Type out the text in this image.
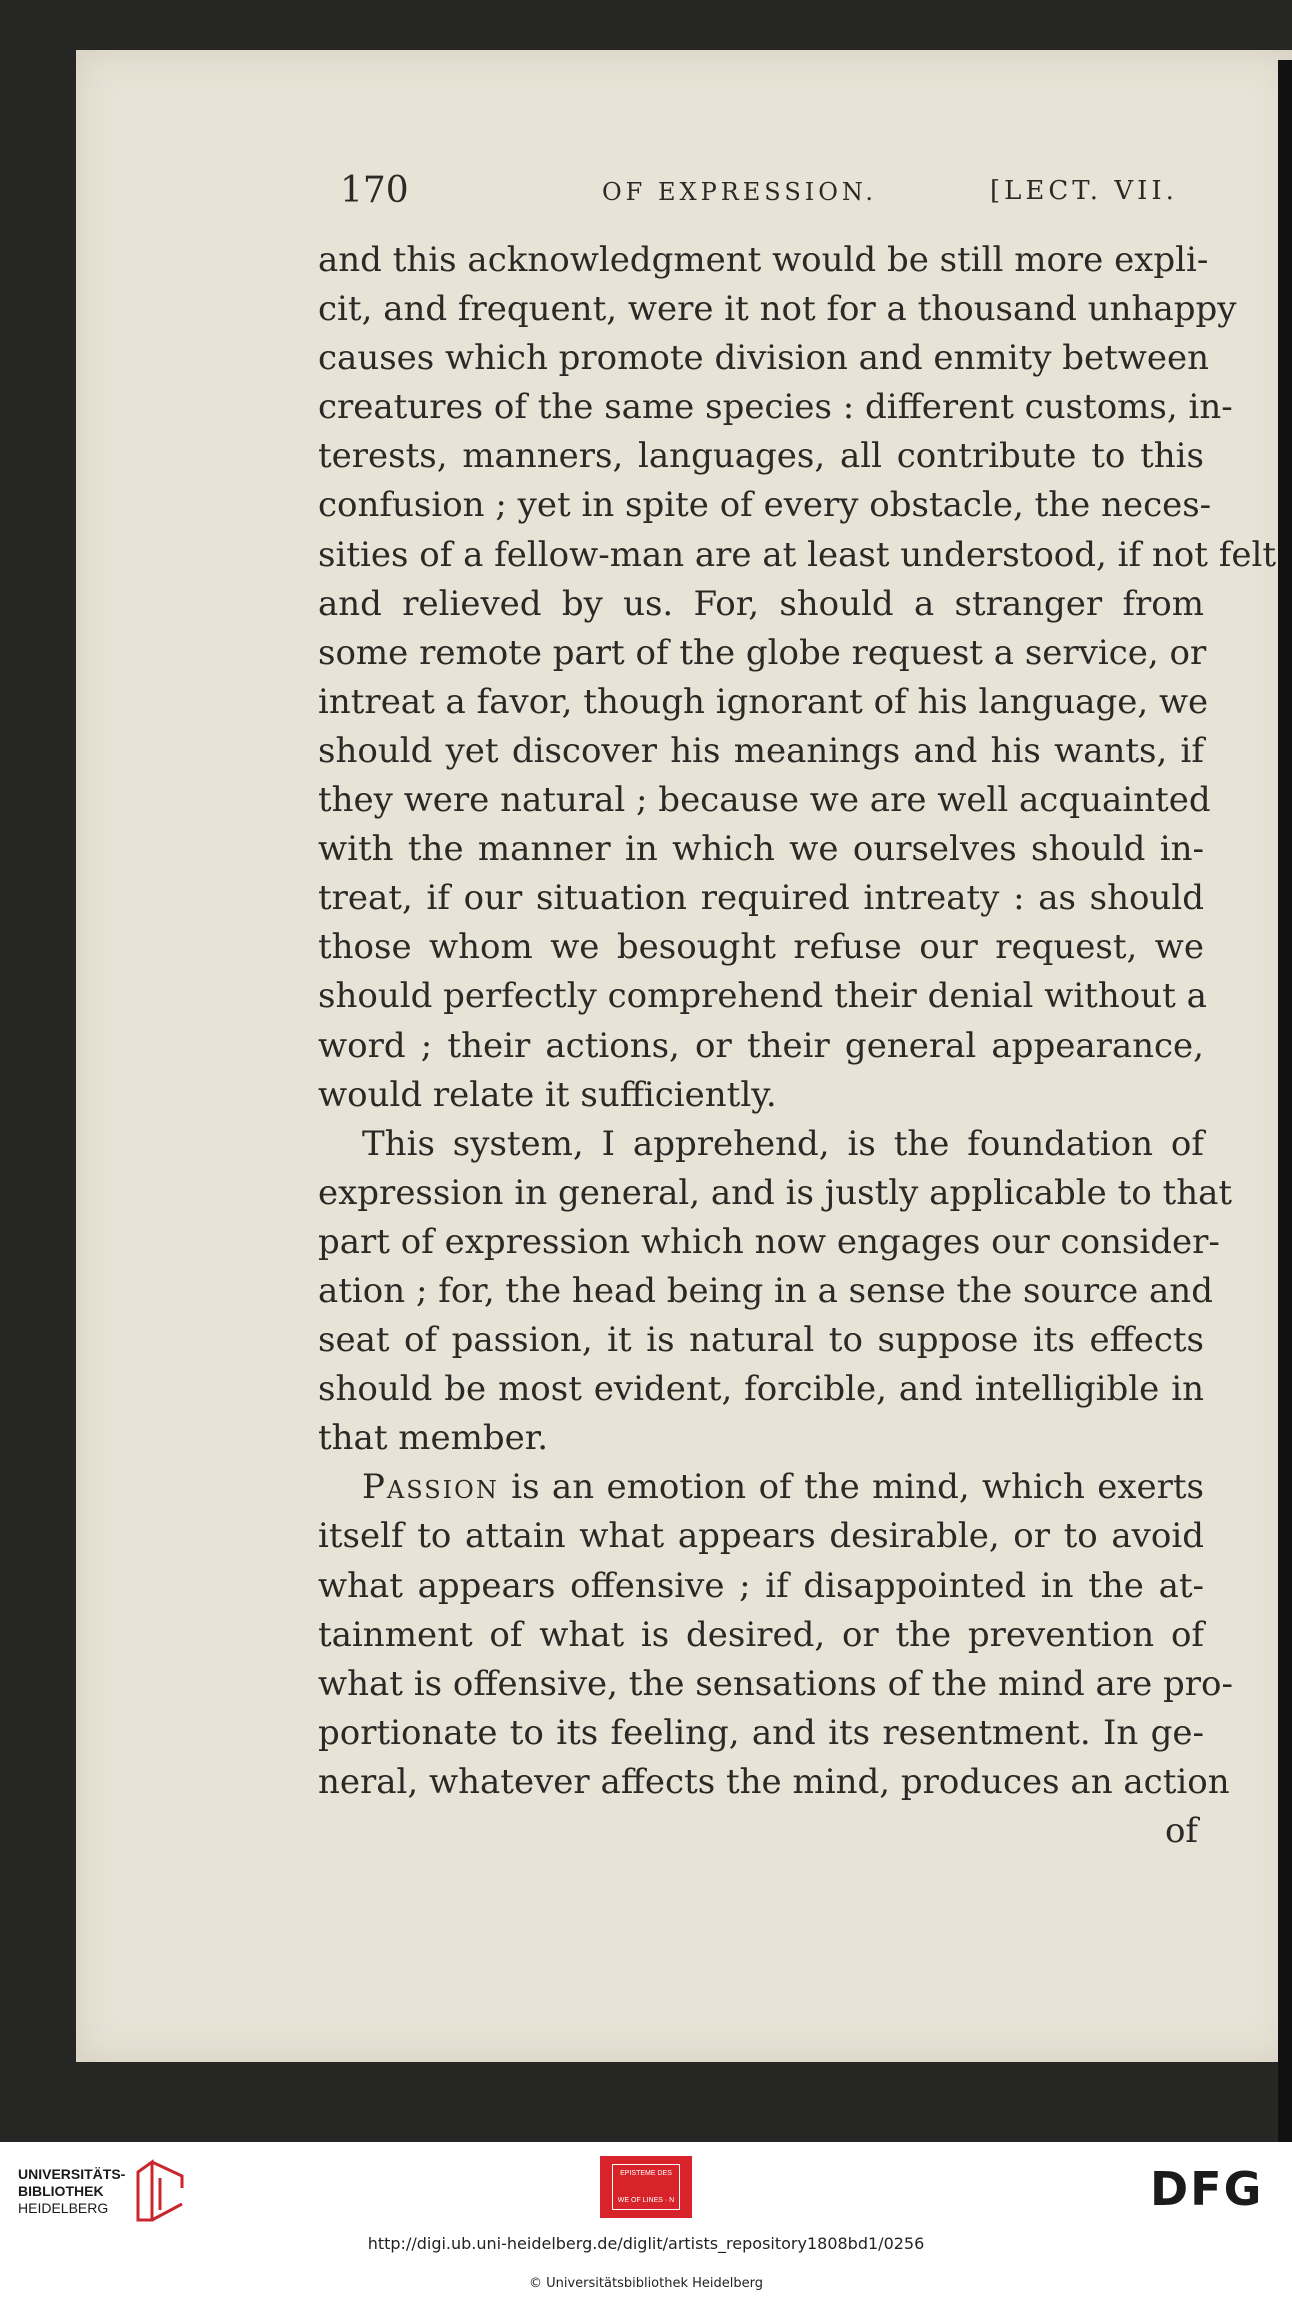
170	OF EXPRESSION.	[LECT. VII.
and this acknowledgment would be still more expli-
cit, and frequent, were it not for a thousand unhappy
causes which promote division and enmity between
creatures of the same species : different customs, in-
terests, manners, languages, all contribute to this
confusion ; yet in spite of every obstacle, the neces-
sities of a fellow-man are at least understood, if not felt
and relieved by us. For, should a stranger from
some remote part of the globe request a service, or
intreat a favor, though ignorant of his language, we
should yet discover his meanings and his wants, if
they were natural ; because we are well acquainted
with the manner in which we ourselves should in-
treat, if our situation required intreaty : as should
those whom we besought refuse our request, we
should perfectly comprehend their denial without a
word ; their actions, or their general appearance,
would relate it sufficiently.
This system, I apprehend, is the foundation of
expression in general, and is justly applicable to that
part of expression which now engages our consider-
ation ; for, the head being in a sense the source and
seat of passion, it is natural to suppose its effects
should be most evident, forcible, and intelligible in
that member.
Passion is an emotion of the mind, which exerts
itself to attain what appears desirable, or to avoid
what appears offensive ; if disappointed in the at-
tainment of what is desired, or the prevention of
what is offensive, the sensations of the mind are pro-
portionate to its feeling, and its resentment. In ge-
neral, whatever affects the mind, produces an action
of
UNIVERSITÄTS-
BIBLIOTHEK
HEIDELBERG
EPISTEME DES
WE OF LINES · N	DFG
http://digi.ub.uni-heidelberg.de/diglit/artists_repository1808bd1/0256
© Universitätsbibliothek Heidelberg
